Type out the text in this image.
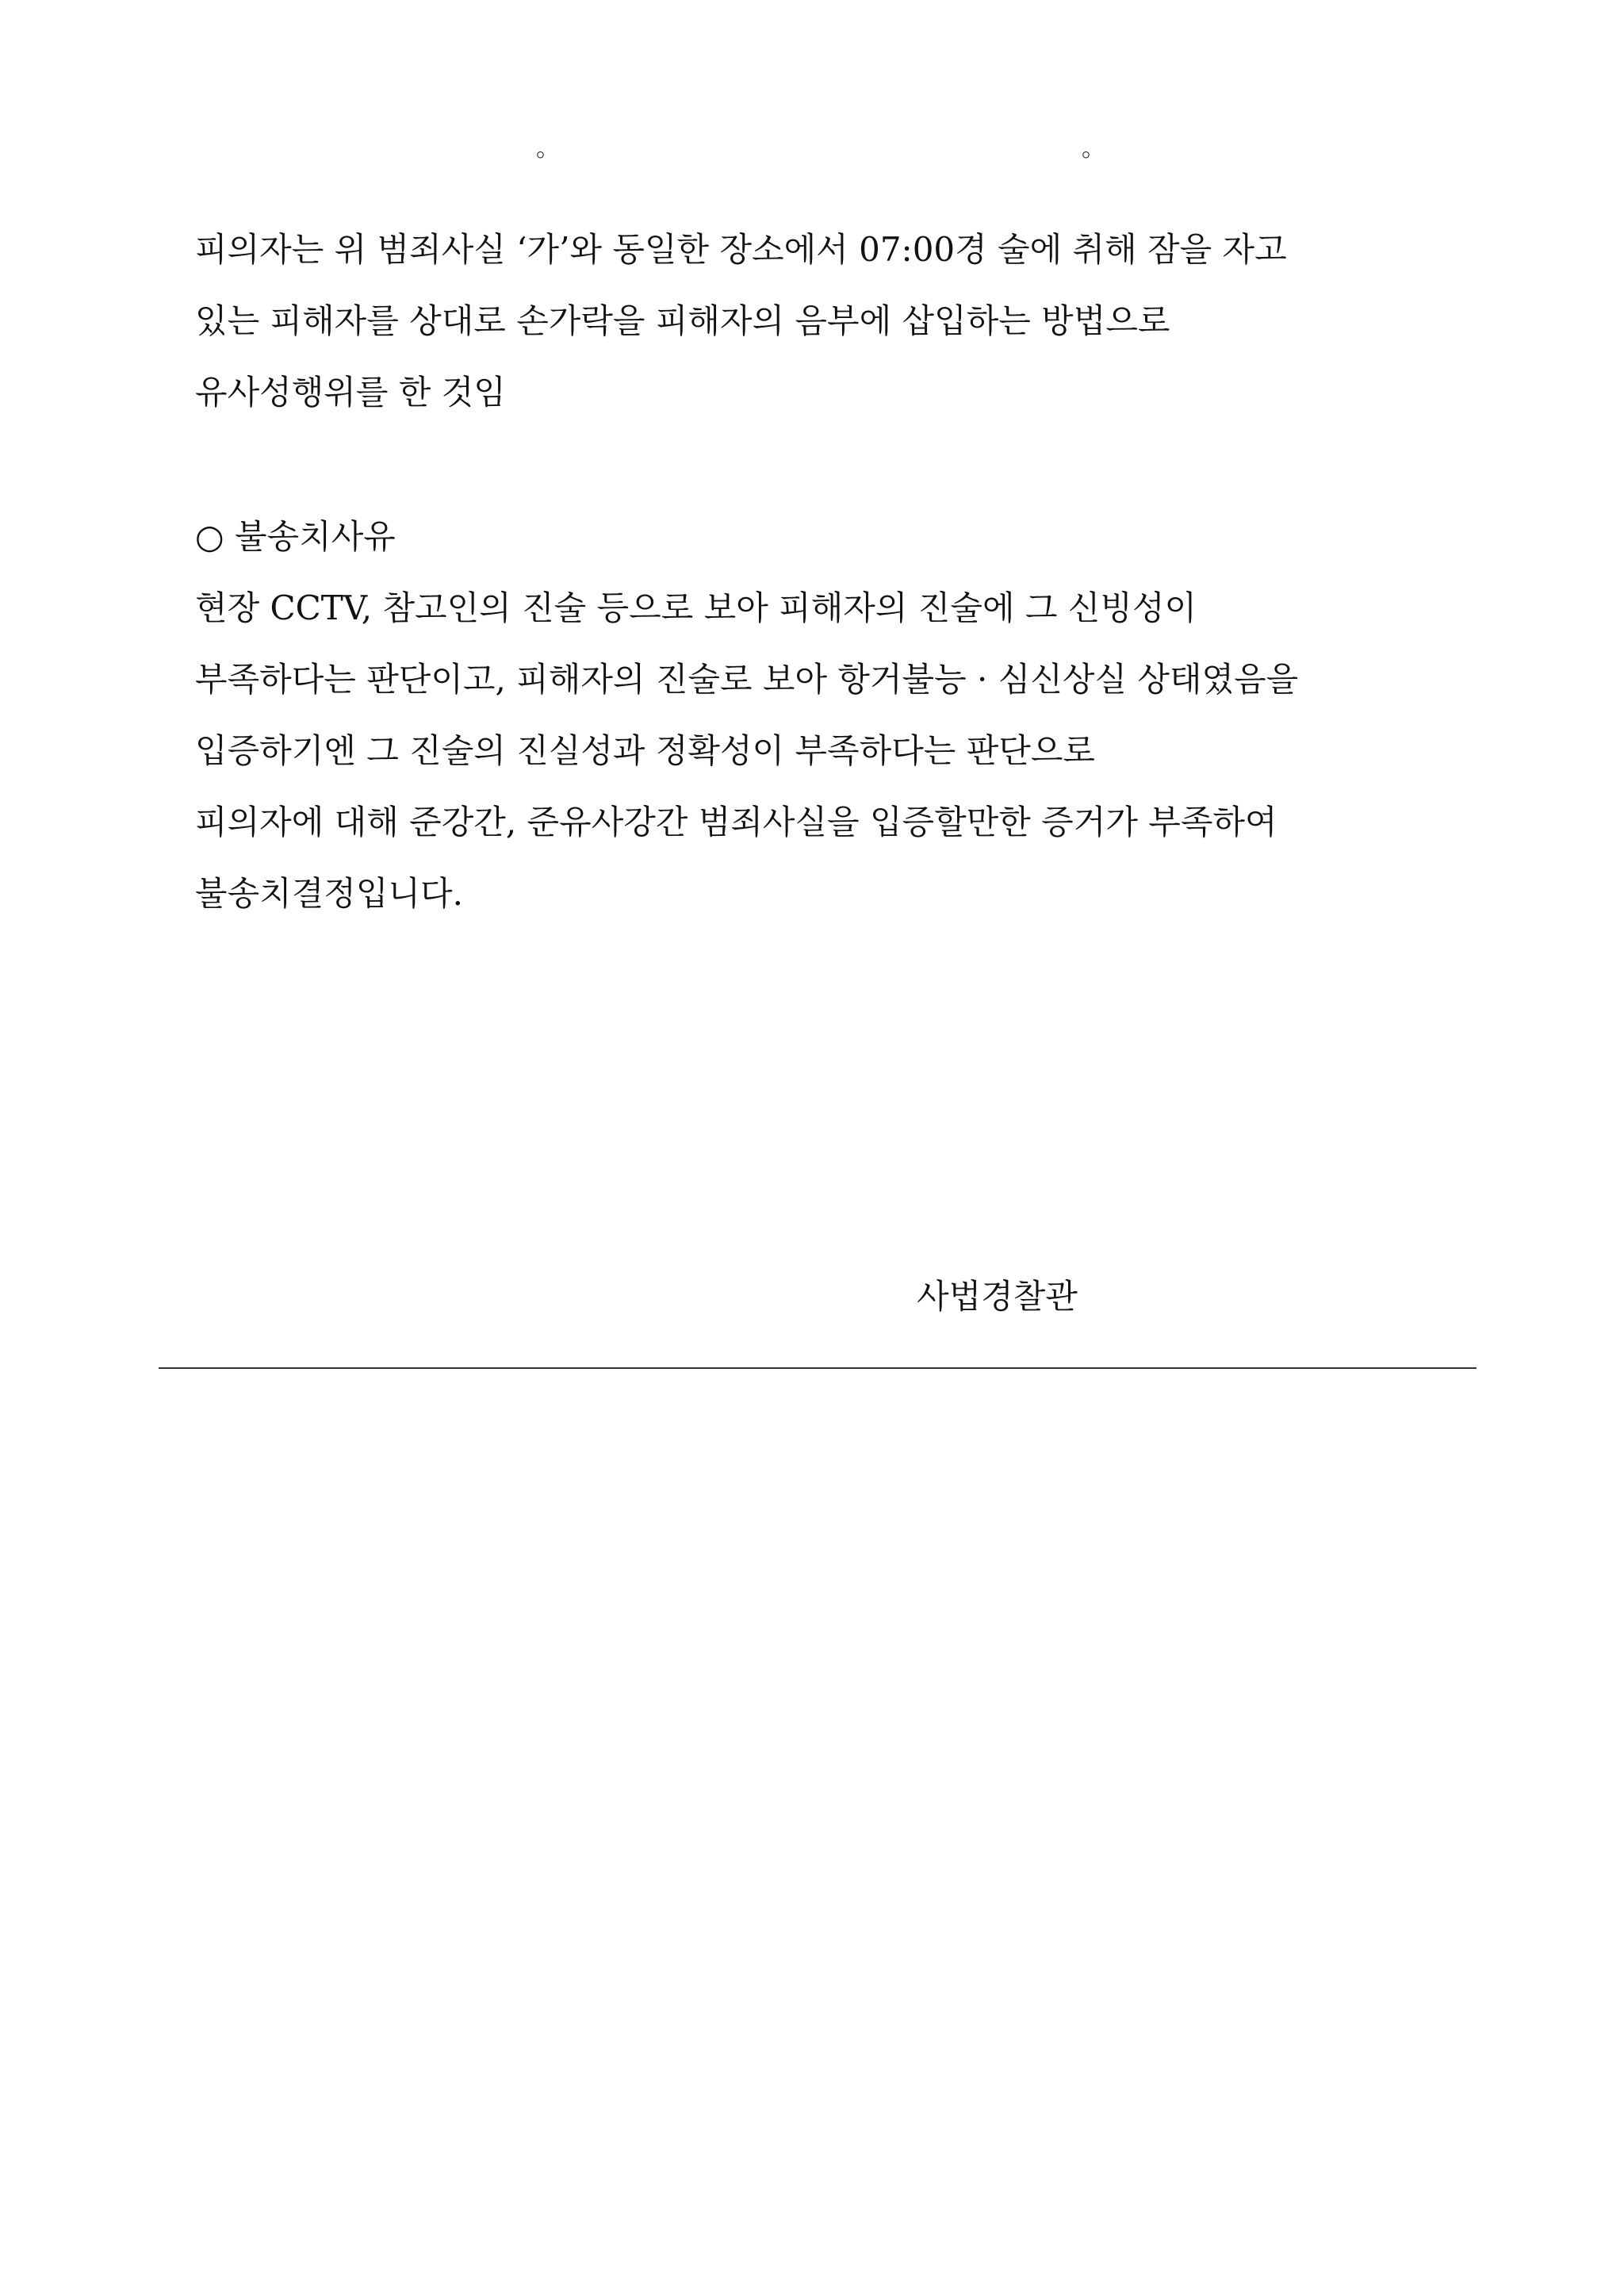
。	。
피의자는 위 범죄사실 ‘가’와 동일한 장소에서 07:00경 술에 취해 잠을 자고
있는 피해자를 상대로 손가락을 피해자의 음부에 삽입하는 방법으로
유사성행위를 한 것임
○ 불송치사유
현장 CCTV, 참고인의 진술 등으로 보아 피해자의 진술에 그 신빙성이
부족하다는 판단이고, 피해자의 진술로 보아 항거불능 · 심신상실 상태였음을
입증하기엔 그 진술의 진실성과 정확성이 부족하다는 판단으로
피의자에 대해 준강간, 준유사강간 범죄사실을 입증할만한 증거가 부족하여
불송치결정입니다.
사법경찰관
